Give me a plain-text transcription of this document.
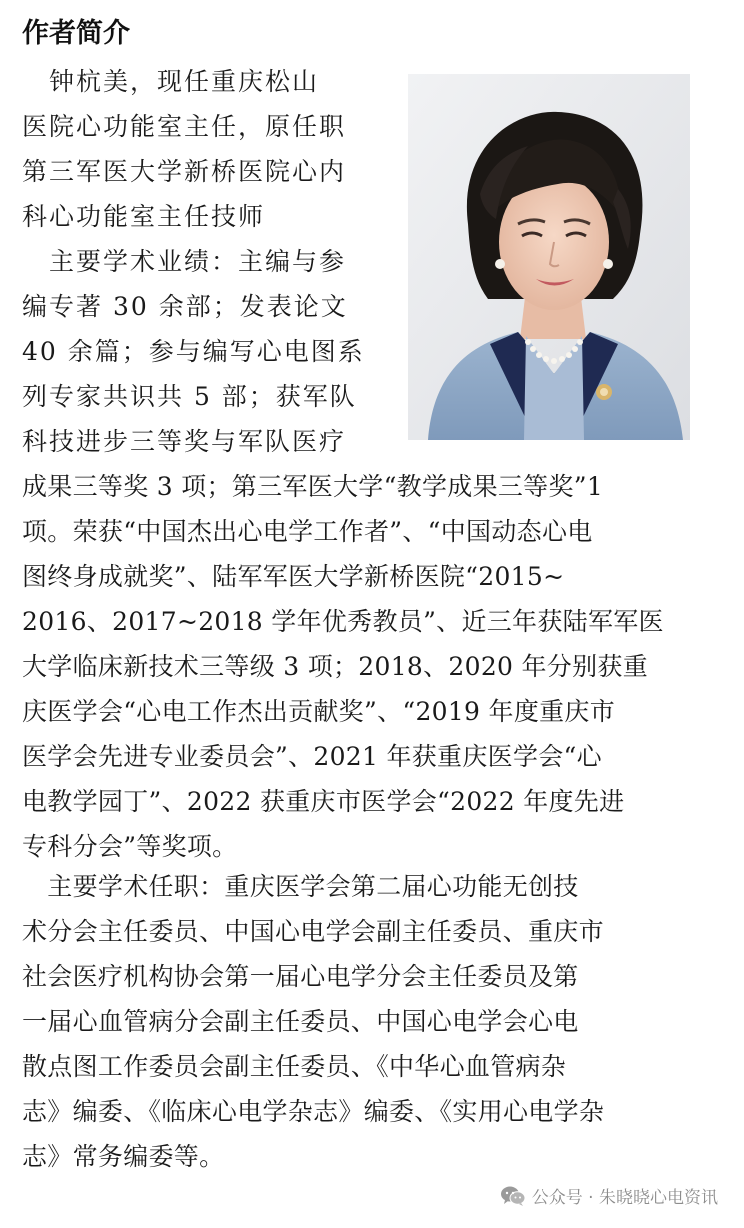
作者简介
　钟杭美，现任重庆松山
医院心功能室主任，原任职
第三军医大学新桥医院心内
科心功能室主任技师
　主要学术业绩：主编与参
编专著 30 余部；发表论文
40 余篇；参与编写心电图系
列专家共识共 5 部；获军队
科技进步三等奖与军队医疗
成果三等奖 3 项；第三军医大学“教学成果三等奖”1
项。荣获“中国杰出心电学工作者”、“中国动态心电
图终身成就奖”、陆军军医大学新桥医院“2015~
2016、2017~2018 学年优秀教员”、近三年获陆军军医
大学临床新技术三等级 3 项；2018、2020 年分别获重
庆医学会“心电工作杰出贡献奖”、“2019 年度重庆市
医学会先进专业委员会”、2021 年获重庆医学会“心
电教学园丁”、2022 获重庆市医学会“2022 年度先进
专科分会”等奖项。
　主要学术任职：重庆医学会第二届心功能无创技
术分会主任委员、中国心电学会副主任委员、重庆市
社会医疗机构协会第一届心电学分会主任委员及第
一届心血管病分会副主任委员、中国心电学会心电
散点图工作委员会副主任委员、《中华心血管病杂
志》编委、《临床心电学杂志》编委、《实用心电学杂
志》常务编委等。
公众号 · 朱晓晓心电资讯
